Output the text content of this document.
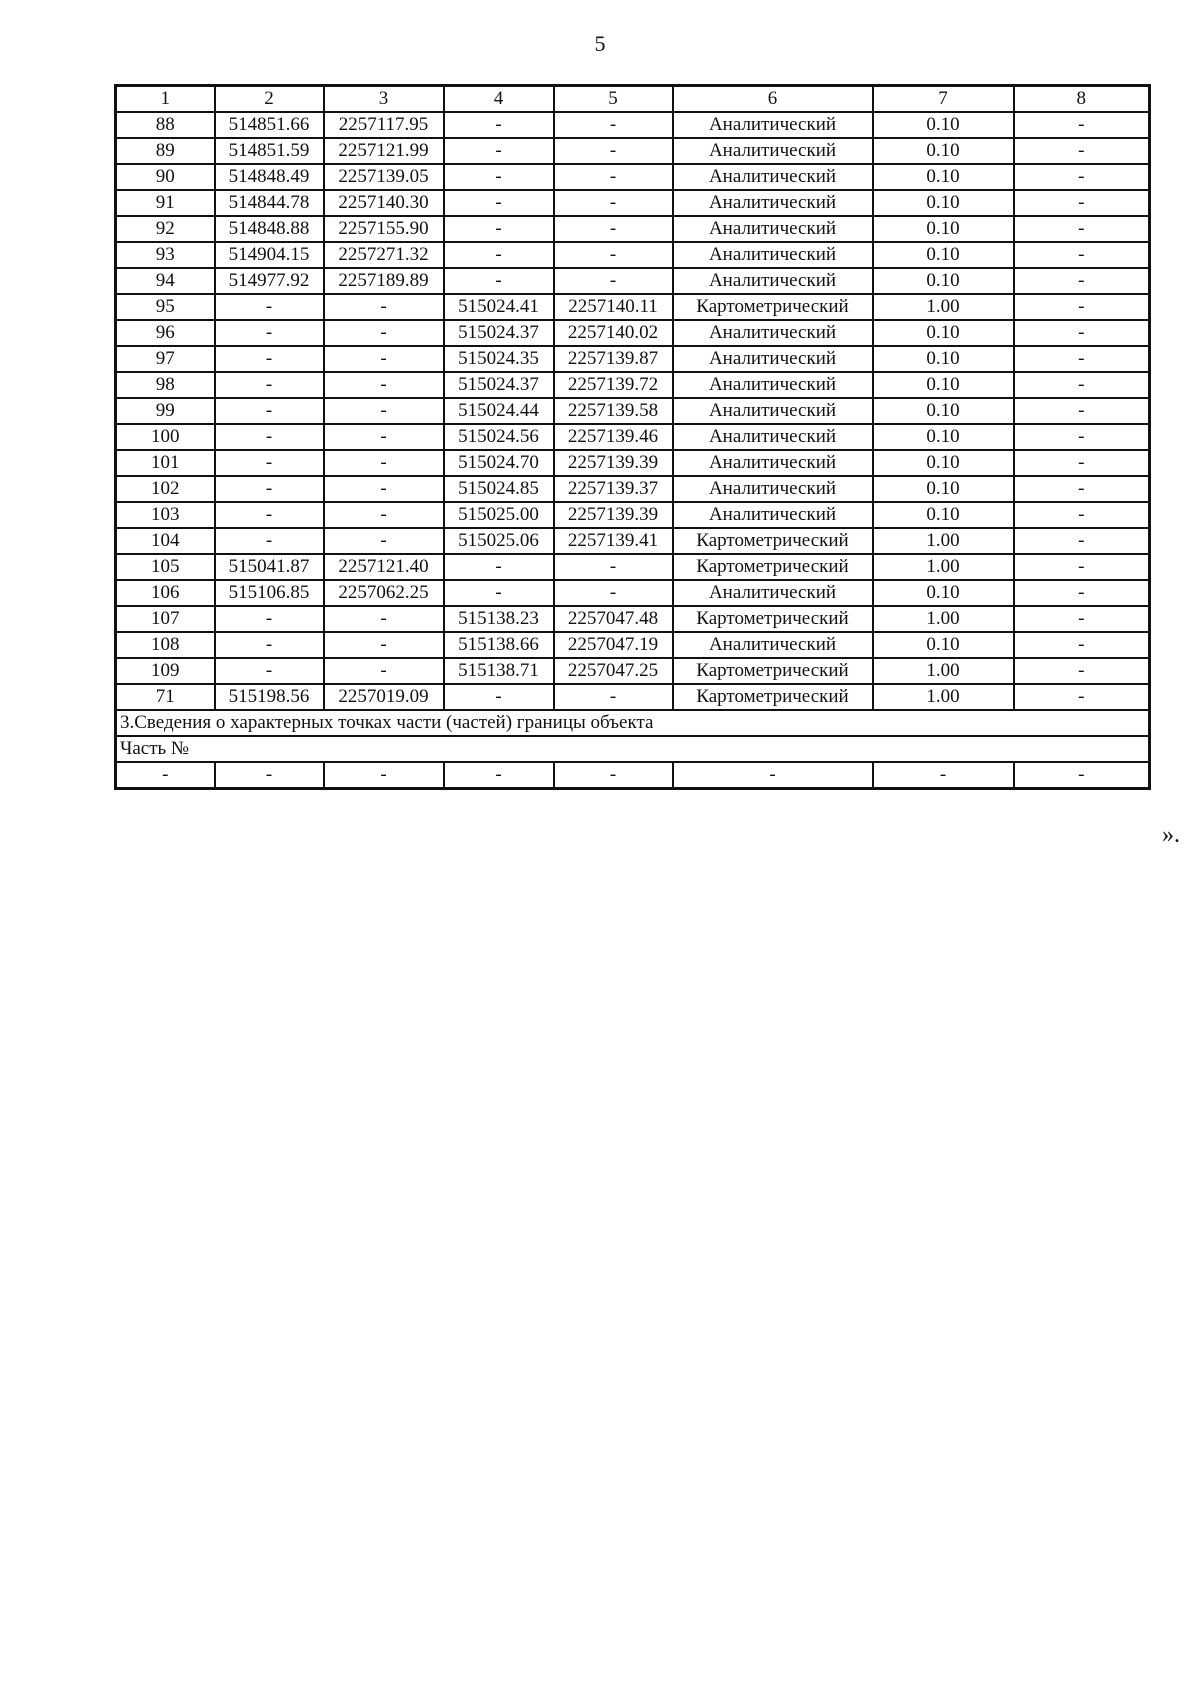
5
1	2	3	4	5	6	7	8
88	514851.66	2257117.95	-	-	Аналитический	0.10	-
89	514851.59	2257121.99	-	-	Аналитический	0.10	-
90	514848.49	2257139.05	-	-	Аналитический	0.10	-
91	514844.78	2257140.30	-	-	Аналитический	0.10	-
92	514848.88	2257155.90	-	-	Аналитический	0.10	-
93	514904.15	2257271.32	-	-	Аналитический	0.10	-
94	514977.92	2257189.89	-	-	Аналитический	0.10	-
95	-	-	515024.41	2257140.11	Картометрический	1.00	-
96	-	-	515024.37	2257140.02	Аналитический	0.10	-
97	-	-	515024.35	2257139.87	Аналитический	0.10	-
98	-	-	515024.37	2257139.72	Аналитический	0.10	-
99	-	-	515024.44	2257139.58	Аналитический	0.10	-
100	-	-	515024.56	2257139.46	Аналитический	0.10	-
101	-	-	515024.70	2257139.39	Аналитический	0.10	-
102	-	-	515024.85	2257139.37	Аналитический	0.10	-
103	-	-	515025.00	2257139.39	Аналитический	0.10	-
104	-	-	515025.06	2257139.41	Картометрический	1.00	-
105	515041.87	2257121.40	-	-	Картометрический	1.00	-
106	515106.85	2257062.25	-	-	Аналитический	0.10	-
107	-	-	515138.23	2257047.48	Картометрический	1.00	-
108	-	-	515138.66	2257047.19	Аналитический	0.10	-
109	-	-	515138.71	2257047.25	Картометрический	1.00	-
71	515198.56	2257019.09	-	-	Картометрический	1.00	-
3.Сведения о характерных точках части (частей) границы объекта							
Часть №							
-	-	-	-	-	-	-	-
».
